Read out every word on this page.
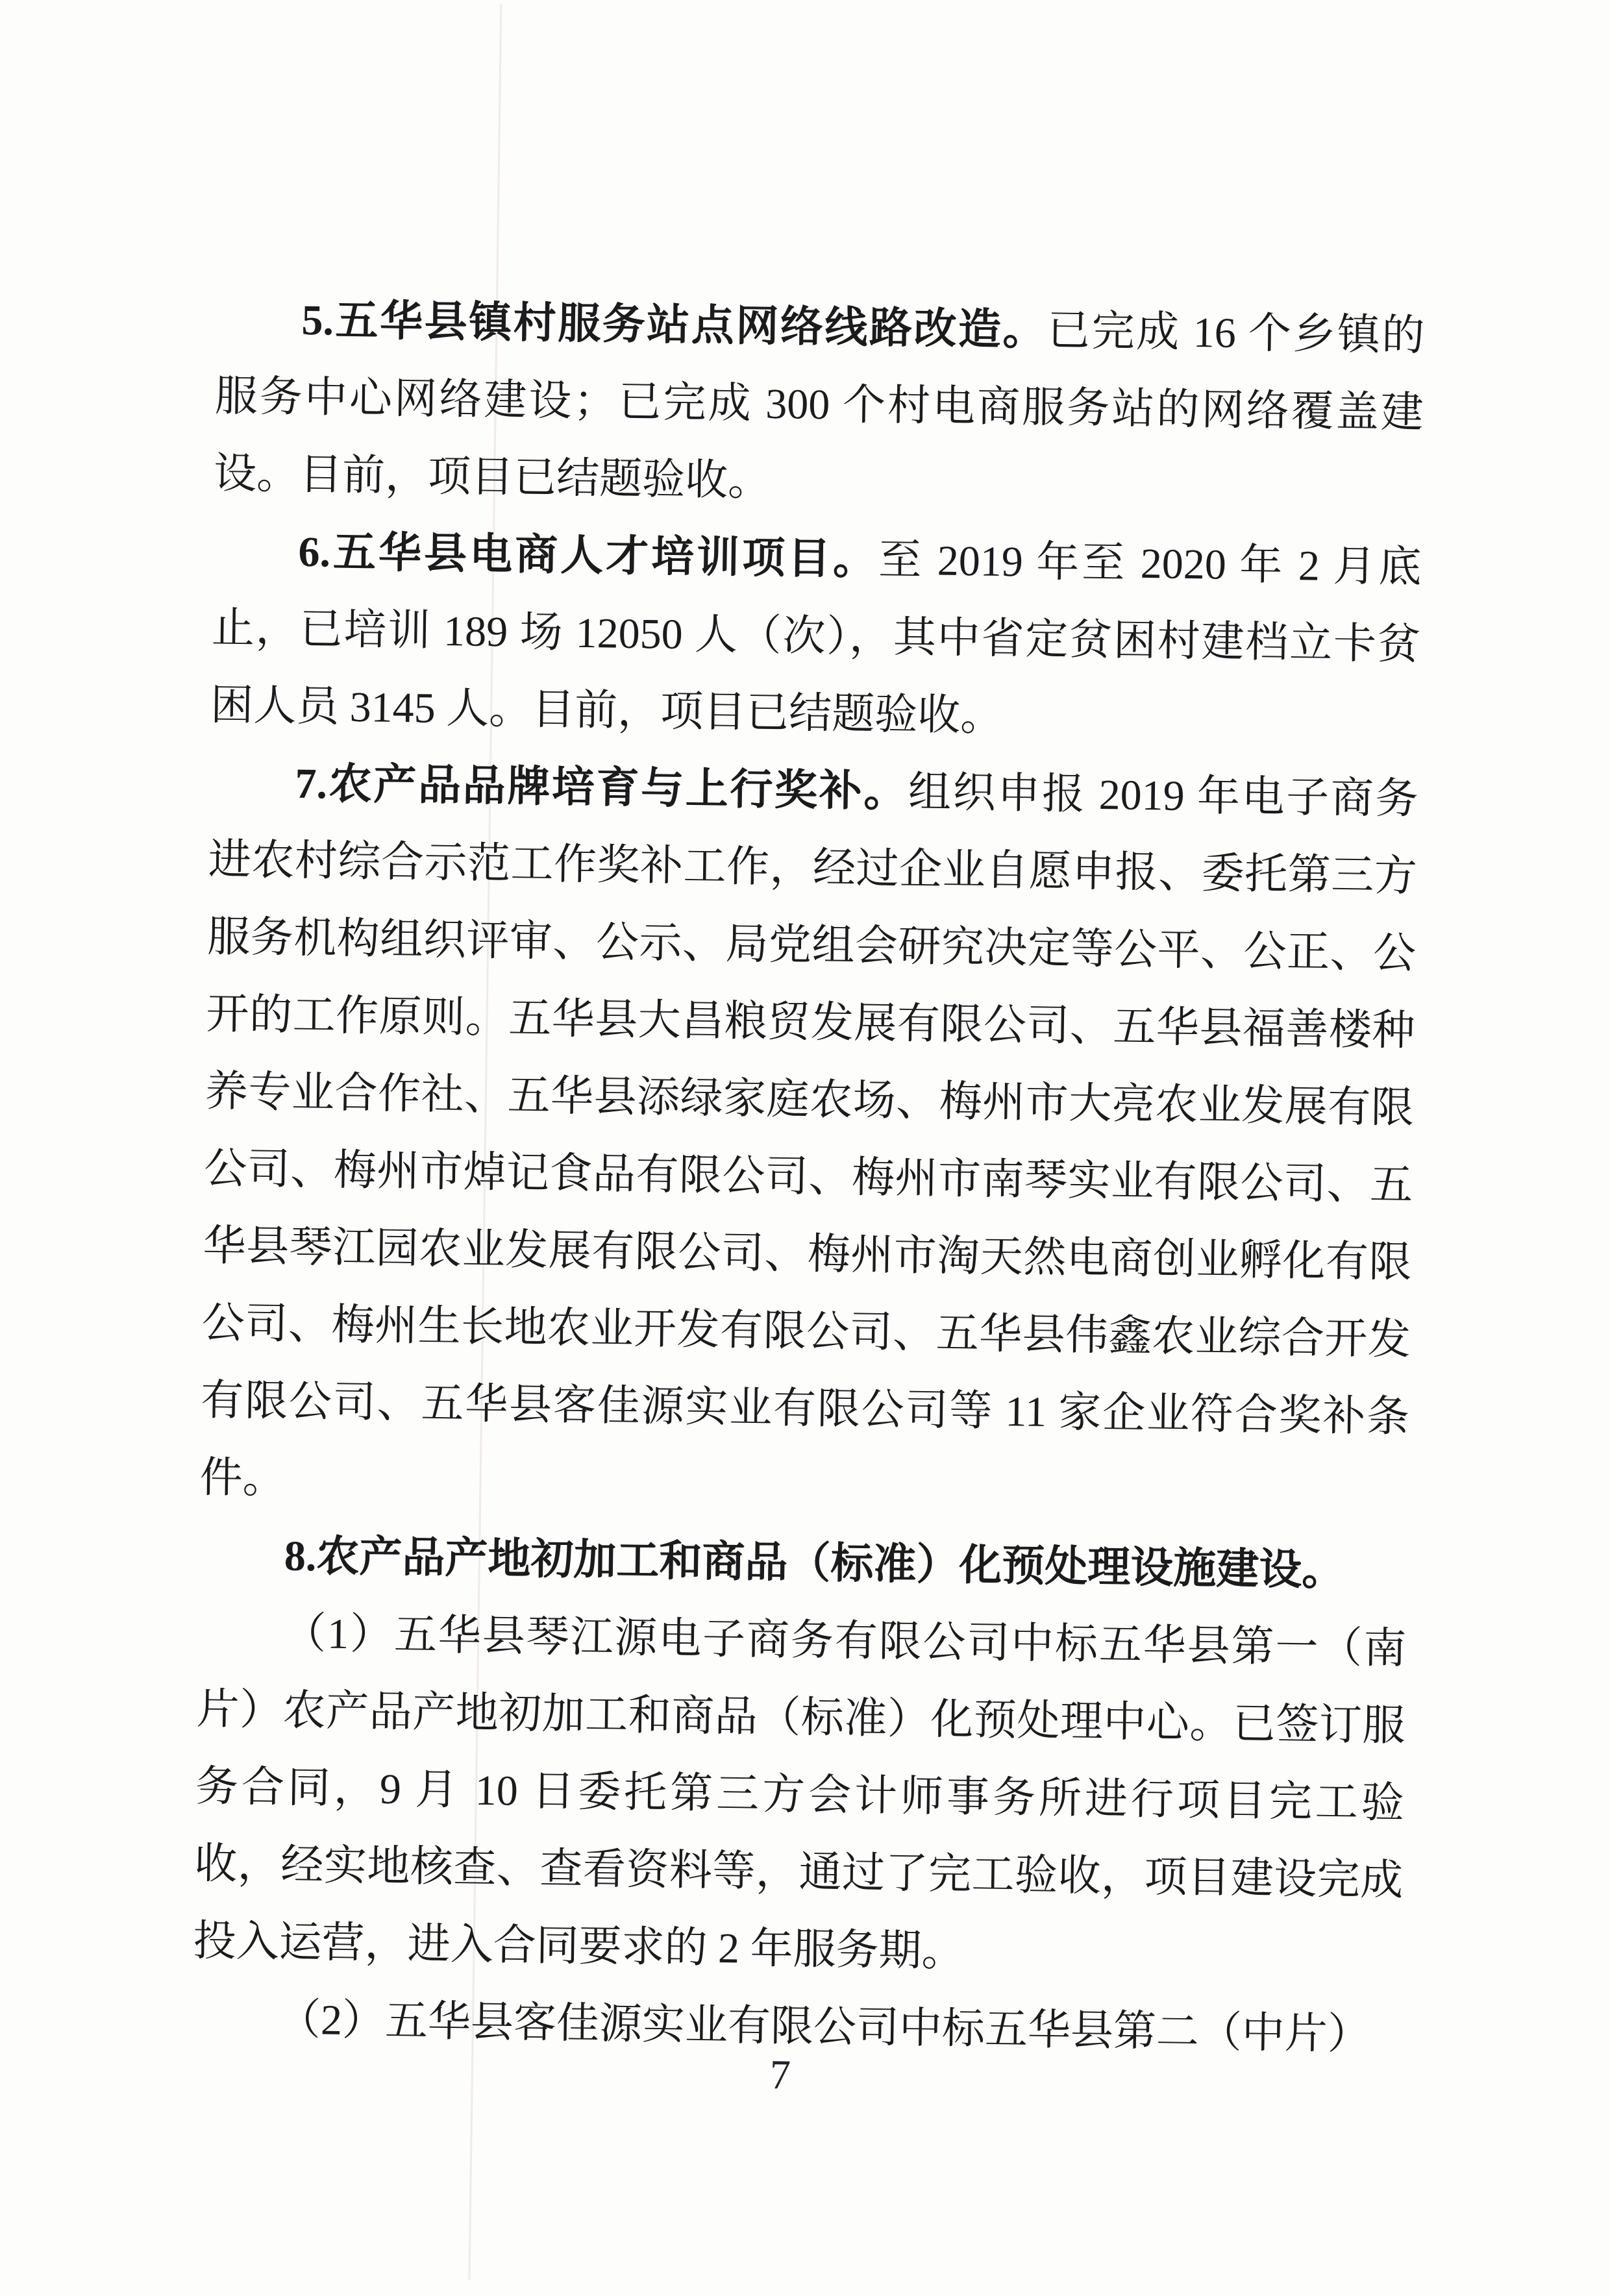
5.五华县镇村服务站点网络线路改造。已完成 16 个乡镇的服务中心网络建设；已完成 300 个村电商服务站的网络覆盖建设。目前，项目已结题验收。

6.五华县电商人才培训项目。至 2019 年至 2020 年 2 月底止，已培训 189 场 12050 人（次），其中省定贫困村建档立卡贫困人员 3145 人。目前，项目已结题验收。

7.农产品品牌培育与上行奖补。组织申报 2019 年电子商务进农村综合示范工作奖补工作，经过企业自愿申报、委托第三方服务机构组织评审、公示、局党组会研究决定等公平、公正、公开的工作原则。五华县大昌粮贸发展有限公司、五华县福善楼种养专业合作社、五华县添绿家庭农场、梅州市大亮农业发展有限公司、梅州市焯记食品有限公司、梅州市南琴实业有限公司、五华县琴江园农业发展有限公司、梅州市淘天然电商创业孵化有限公司、梅州生长地农业开发有限公司、五华县伟鑫农业综合开发有限公司、五华县客佳源实业有限公司等 11 家企业符合奖补条件。

8.农产品产地初加工和商品（标准）化预处理设施建设。

（1）五华县琴江源电子商务有限公司中标五华县第一（南片）农产品产地初加工和商品（标准）化预处理中心。已签订服务合同，9 月 10 日委托第三方会计师事务所进行项目完工验收，经实地核查、查看资料等，通过了完工验收，项目建设完成投入运营，进入合同要求的 2 年服务期。

（2）五华县客佳源实业有限公司中标五华县第二（中片）

7
